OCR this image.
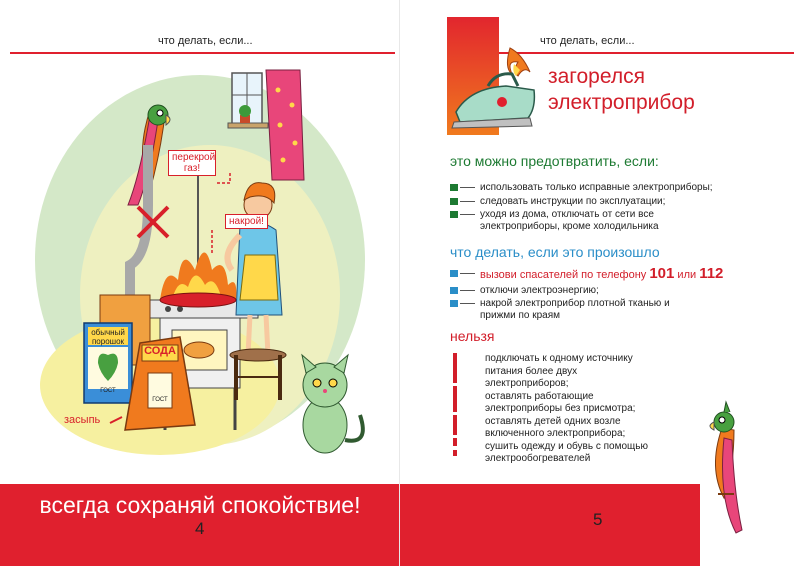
что делать, если...
перекрой газ!
накрой!
засыпь
обычный порошок
ГОСТ
СОДА
ГОСТ
всегда сохраняй спокойствие!
4
что делать, если...
загорелся
электроприбор
это можно предотвратить, если:
использовать только исправные электроприборы;
следовать инструкции по эксплуатации;
уходя из дома, отключать от сети все электроприборы, кроме холодильника
что делать, если это произошло
вызови спасателей по телефону 101 или 112
отключи электроэнергию;
накрой электроприбор плотной тканью и прижми по краям
нельзя
подключать к одному источнику питания более двух электроприборов;
оставлять работающие электроприборы без присмотра;
оставлять детей одних возле включенного электроприбора;
сушить одежду и обувь с помощью электрообогревателей
5
